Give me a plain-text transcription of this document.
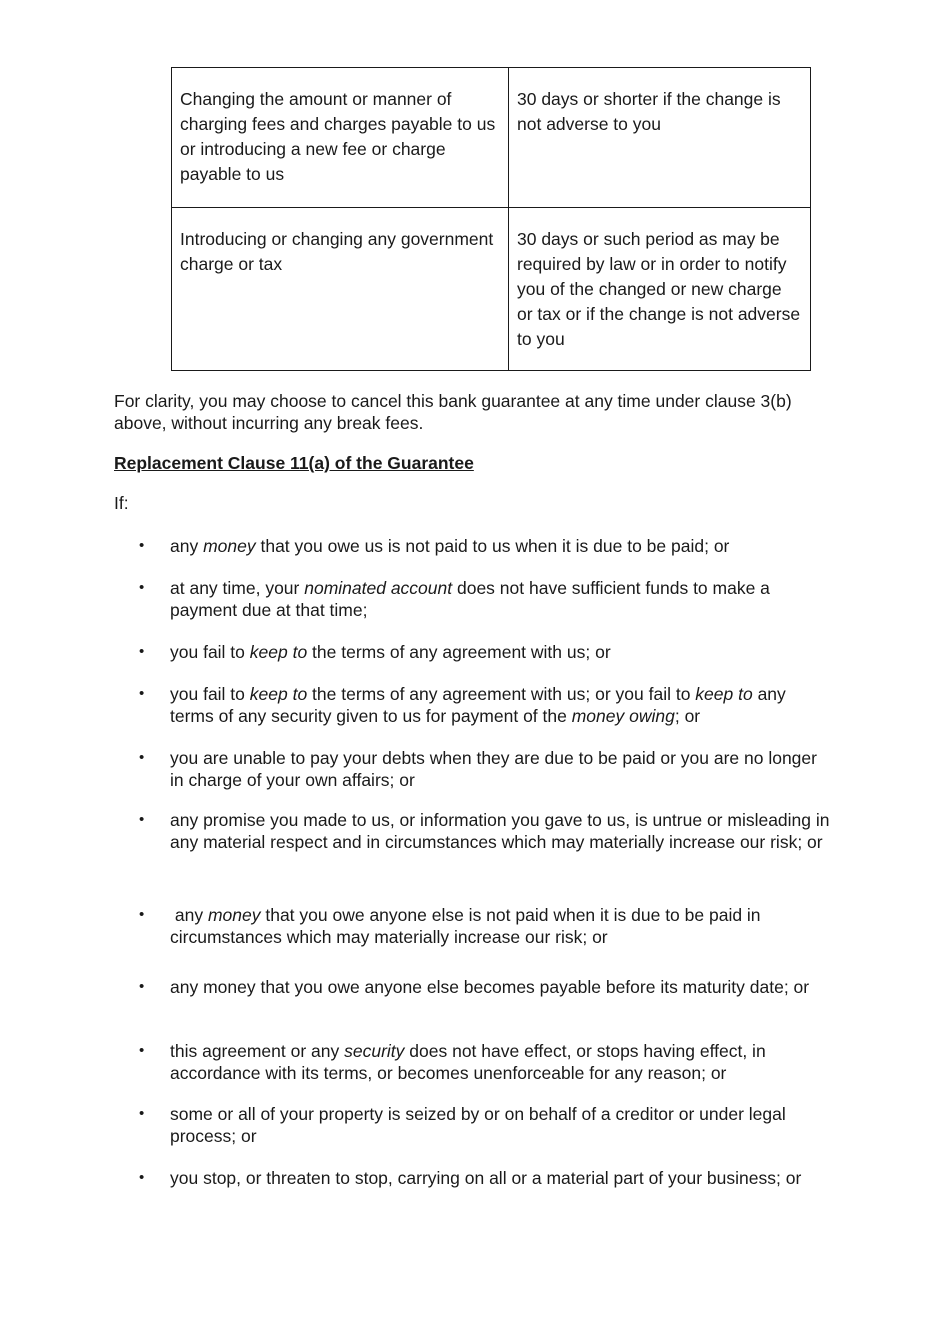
Changing the amount or manner of charging fees and charges payable to us or introducing a new fee or charge payable to us	30 days or shorter if the change is not adverse to you
Introducing or changing any government charge or tax	30 days or such period as may be required by law or in order to notify you of the changed or new charge or tax or if the change is not adverse to you

For clarity, you may choose to cancel this bank guarantee at any time under clause 3(b) above, without incurring any break fees.

Replacement Clause 11(a) of the Guarantee

If:

• any money that you owe us is not paid to us when it is due to be paid; or
• at any time, your nominated account does not have sufficient funds to make a payment due at that time;
• you fail to keep to the terms of any agreement with us; or
• you fail to keep to the terms of any agreement with us; or you fail to keep to any terms of any security given to us for payment of the money owing; or
• you are unable to pay your debts when they are due to be paid or you are no longer in charge of your own affairs; or
• any promise you made to us, or information you gave to us, is untrue or misleading in any material respect and in circumstances which may materially increase our risk; or
• any money that you owe anyone else is not paid when it is due to be paid in circumstances which may materially increase our risk; or
• any money that you owe anyone else becomes payable before its maturity date; or
• this agreement or any security does not have effect, or stops having effect, in accordance with its terms, or becomes unenforceable for any reason; or
• some or all of your property is seized by or on behalf of a creditor or under legal process; or
• you stop, or threaten to stop, carrying on all or a material part of your business; or
